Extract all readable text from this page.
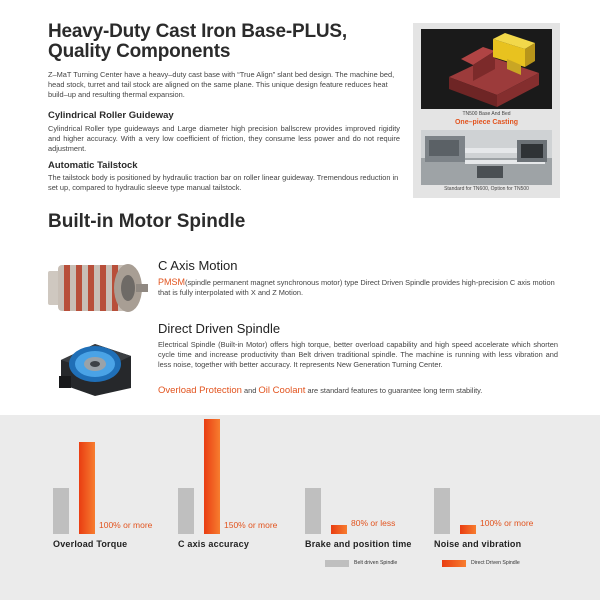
Heavy-Duty Cast Iron Base-PLUS,
Quality Components
Z–MaT Turning Center have a heavy–duty cast base with “True Align” slant bed design. The machine bed, head stock, turret and tail stock are aligned on the same plane. This unique design feature reduces heat build–up and resulting thermal expansion.
Cylindrical Roller Guideway
Cylindrical Roller type guideways and Large diameter high precision ballscrew provides improved rigidity and higher accuracy. With a very low coefficient of friction, they consume less power and do not require adjustment.
Automatic Tailstock
The tailstock body is positioned by hydraulic traction bar on roller linear guideway. Tremendous reduction in set up, compared to hydraulic sleeve type manual tailstock.
TN500 Base And Bed
One–piece Casting
Standard for TN600, Option for TN500
Built-in Motor Spindle
C Axis Motion
PMSM(spindle permanent magnet synchronous motor) type Direct Driven Spindle provides high-precision C axis motion that is fully interpolated with X and Z Motion.
Direct Driven Spindle
Electrical Spindle (Built-in Motor) offers high torque, better overload capability and high speed accelerate which shorten cycle time and increase productivity than Belt driven traditional spindle. The machine is running with less vibration and less noise, together with better accuracy. It represents New Generation Turning Center.
Overload Protection and Oil Coolant are standard features to guarantee long term stability.
100% or more
Overload Torque
150% or more
C axis accuracy
80% or less
Brake and position time
100% or more
Noise and vibration
Belt driven Spindle	Direct Driven Spindle
